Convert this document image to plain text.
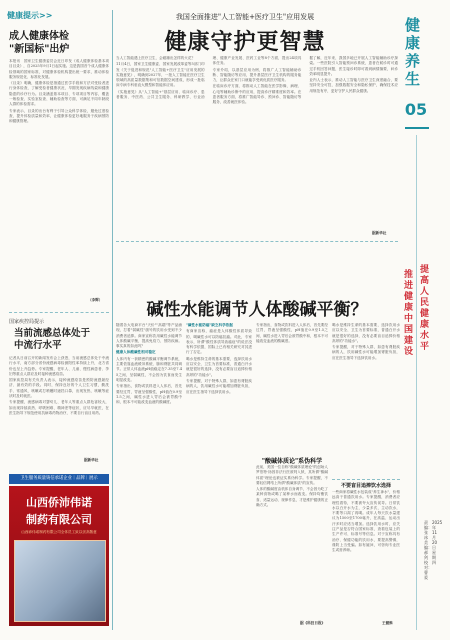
健康提示>>	我国全面推进"人工智能+医疗卫生"应用发展
健康守护更智慧
健康养生
05
推进健康中国建设
提高人民健康水平
2025年11月20日 星期四
责编：张冰 美编：郝剑 校对：曹爱
成人健康体检
"新国标"出炉

本报讯　国家卫生健康委员会近日印发《成人健康体检基本项目目录》，自2025年9月1日起实施。这是我国首个成人健康体检领域的国家标准，对健康体检机构提出统一要求，推动体检服务规范化、标准化发展。

《目录》明确，健康体检是指通过医学手段和方法对受检者进行身体检查，了解受检者健康状况，早期发现疾病线索和健康隐患的诊疗行为。目录涵盖基本项目、专项项目等内容，覆盖一般检查、实验室检查、辅助检查等方面，可满足不同年龄段人群的体检需求。

专家表示，目录的出台有利于引导公众科学体检，避免过度检查，提升体检质量和效率，让健康体检更好地服务于疾病预防和健康管理。

（李辉）
国家疾控局提示
当前流感总体处于
中流行水平

记者从日前召开的新闻发布会上获悉，当前流感总体处于中流行水平，南方部分省份流感病毒检测阳性率持续上升，北方省份也呈上升趋势。专家提醒，老年人、儿童、慢性病患者、孕妇等重点人群应及时接种流感疫苗。

国家疾控局有关负责人表示，接种流感疫苗是预防流感最经济、最有效的手段。同时，保持良好的个人卫生习惯，勤洗手、常通风、咳嗽或打喷嚏时遮挡口鼻，出现发热、咳嗽等症状时及时就医。

专家提醒，流感病毒对婴幼儿、老年人等重点人群危害较大，如出现持续高热、呼吸困难、精神差等症状，应尽早就医，在医生指导下规范使用抗病毒药物治疗，不要自行盲目用药。

据新华社

当人工智能遇上医疗卫生，会碰撞出怎样的火花？

11月4日，国家卫生健康委、国家发展改革委等5部门印发《关于促进和规范"人工智能+医疗卫生"应用发展的实施意见》，明确到2027年，一批人工智能在医疗卫生领域的高质量数据集和可信数据空间建成，形成一批临床专病专科垂直大模型和智能体应用。

《实施意见》从"人工智能+"基层应用、临床诊疗、患者服务、中医药、公共卫生服务、科研教学、行业治理、健康产业发展、医药工业等8个方面，提出24项具体任务。

专家介绍，以基层应用为例，将推广人工智能辅助诊断、智能随访等应用，提升基层医疗卫生机构的服务能力，让群众在家门口就能享受到优质医疗服务。

在临床诊疗方面，将推动人工智能在医学影像、病理、心电等辅助诊断中的应用，提高诊疗精准度和效率。在患者服务方面，将推广智能导诊、预问诊、智能随访等服务，改善就医体验。

据了解，近年来，我国多地已开展人工智能辅助诊疗探索。一些医院引入智能预问诊系统，患者在候诊时可通过手机回答问题，医生接诊时即可看到病情摘要，问诊效率明显提升。

业内人士表示，推动人工智能与医疗卫生深度融合，要坚持安全可控，加强数据安全和隐私保护，确保技术应用规范有序，更好守护人民群众健康。

据新华社
碱性水能调节人体酸碱平衡？

随着各大电商平台"天价""高端"等产品涌现，打着"弱碱性"旗号的饮用水受到不少消费者追捧。商家宣称饮用碱性水能调节人体酸碱平衡，提高免疫力、预防疾病。事实真的如此吗？

健康人体酸碱性相对稳定

人体内有一套精密的酸碱平衡调节系统，主要依靠血液缓冲系统、肺和肾脏共同调节。正常人体血液pH值稳定在7.35至7.45之间，呈弱碱性，不会因为饮食而发生明显改变。

专家指出，食物或饮料进入人体后，首先要经过胃，胃液呈强酸性，pH值在0.9至1.5之间，碱性水进入胃后会被胃酸中和，根本不可能改变血液的酸碱度。

"碱性水能防癌"缺乏科学依据

有商家宣称，癌症是人体酸性体质导致的，喝碱性水可以防癌抗癌。对此，专家表示，所谓"酸性体质导致癌症"的说法没有科学依据，国际上已有相关研究对其进行了否定。

喝水是维持生命的基本需要，选择饮用水应以安全、卫生为首要标准，普通白开水就是很好的选择，没有必要盲目追捧价格高昂的"功能水"。

专家提醒，对于特殊人群，如患有肾脏疾病的人，饮用碱性水可能增加肾脏负担，应在医生指导下选择饮用水。

"酸碱体质论"系伪科学

此前，美国一位自称"酸碱体质理论"的创始人罗伯特·扬因非法行医被判入狱，其所谓"酸碱体质"理论也被证实系伪科学。专家提醒，不要轻信网络上所谓"酸碱体质"的宣传。

人体的酸碱度由机体自身调节，不会因为吃了某种食物或喝了某种水而改变。保持均衡饮食、适量运动、规律作息，才是维护健康的正确方式。

专家指出，食物或饮料进入人体后，首先要经过胃，胃液呈强酸性，pH值在0.9至1.5之间，碱性水进入胃后会被胃酸中和，根本不可能改变血液的酸碱度。

据《科技日报》
不要盲目追捧饮水选择
一些商家将碱性水包装成"养生神水"，价格远高于普通饮用水。专家提醒，消费者应理性看待，不要被夸大宣传误导。日常饮水以白开水为主，少量多次，主动饮水，不要等口渴了再喝。成年人每天饮水量建议为1500至1700毫升，在高温、运动出汗多时应适当增加。选择饮用水时，应关注产品是否符合国家标准，查看包装上的生产许可、标准号等信息。对于宣称具有治疗、保健功能的饮用水，要提高警惕，谨防上当受骗。如有疑问，可咨询专业医生或营养师。
王健维

喝水是维持生命的基本需要，选择饮用水应以安全、卫生为首要标准，普通白开水就是很好的选择，没有必要盲目追捧价格高昂的"功能水"。

专家提醒，对于特殊人群，如患有肾脏疾病的人，饮用碱性水可能增加肾脏负担，应在医生指导下选择饮用水。

卫生服务质量铸信承诺企业｜品牌｜展示
山西侨沛伟诺
制药有限公司
山西沛伟诺制药有限公司全体员工致以崇高敬意
